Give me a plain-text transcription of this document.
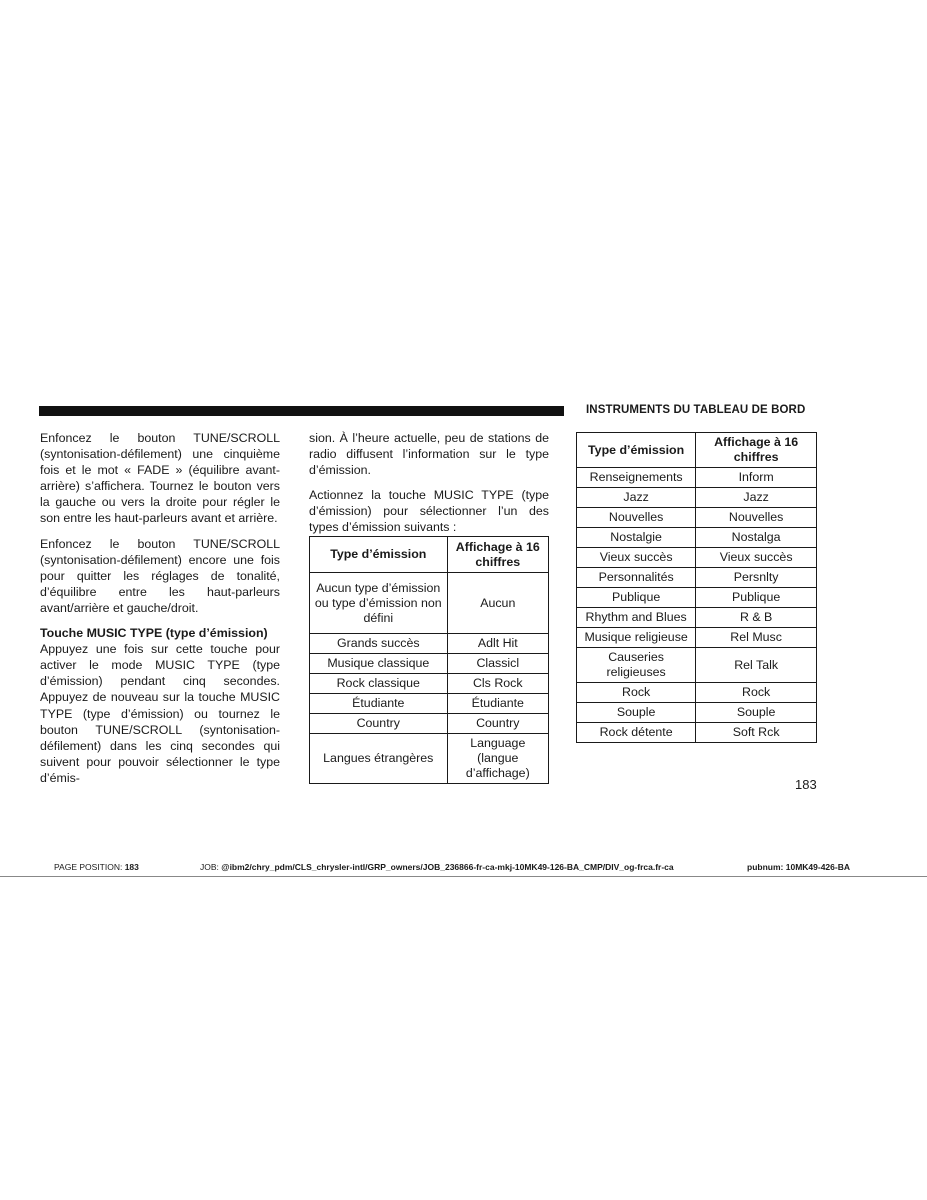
INSTRUMENTS DU TABLEAU DE BORD

Enfoncez le bouton TUNE/SCROLL (syntonisation-défilement) une cinquième fois et le mot « FADE » (équilibre avant-arrière) s’affichera. Tournez le bouton vers la gauche ou vers la droite pour régler le son entre les haut-parleurs avant et arrière.

Enfoncez le bouton TUNE/SCROLL (syntonisation-défilement) encore une fois pour quitter les réglages de tonalité, d’équilibre entre les haut-parleurs avant/arrière et gauche/droit.

Touche MUSIC TYPE (type d’émission)
Appuyez une fois sur cette touche pour activer le mode MUSIC TYPE (type d’émission) pendant cinq secondes. Appuyez de nouveau sur la touche MUSIC TYPE (type d’émission) ou tournez le bouton TUNE/SCROLL (syntonisation-défilement) dans les cinq secondes qui suivent pour pouvoir sélectionner le type d’émis-

sion. À l’heure actuelle, peu de stations de radio diffusent l’information sur le type d’émission.

Actionnez la touche MUSIC TYPE (type d’émission) pour sélectionner l’un des types d’émission suivants :

Type d’émission	Affichage à 16 chiffres
Aucun type d’émission ou type d’émission non défini	Aucun
Grands succès	Adlt Hit
Musique classique	Classicl
Rock classique	Cls Rock
Étudiante	Étudiante
Country	Country
Langues étrangères	Language (langue d’affichage)
Type d’émission	Affichage à 16 chiffres
Renseignements	Inform
Jazz	Jazz
Nouvelles	Nouvelles
Nostalgie	Nostalga
Vieux succès	Vieux succès
Personnalités	Persnlty
Publique	Publique
Rhythm and Blues	R & B
Musique religieuse	Rel Musc
Causeries religieuses	Rel Talk
Rock	Rock
Souple	Souple
Rock détente	Soft Rck
183
PAGE POSITION: 183	JOB: @ibm2/chry_pdm/CLS_chrysler-intl/GRP_owners/JOB_236866-fr-ca-mkj-10MK49-126-BA_CMP/DIV_og-frca.fr-ca	pubnum: 10MK49-426-BA
